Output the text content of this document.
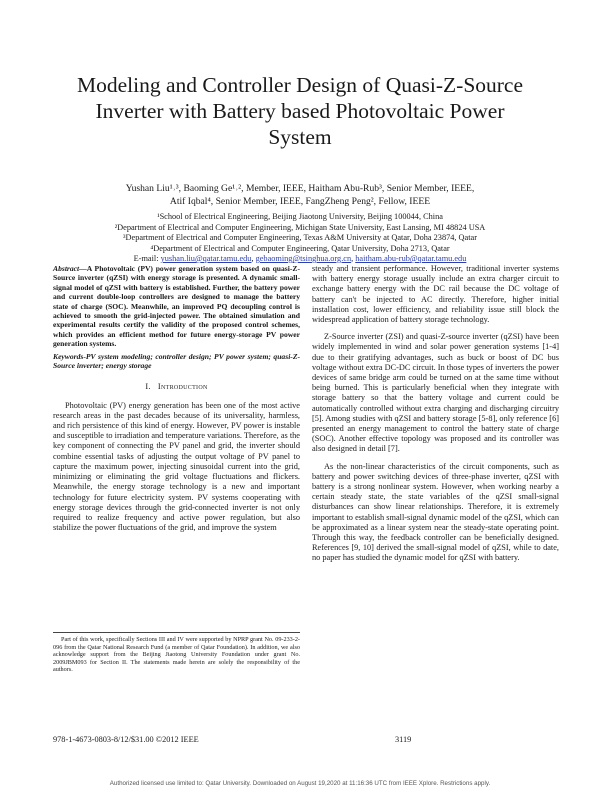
Modeling and Controller Design of Quasi-Z-Source
Inverter with Battery based Photovoltaic Power
System
Yushan Liu¹˒³, Baoming Ge¹˒², Member, IEEE, Haitham Abu-Rub³, Senior Member, IEEE,
Atif Iqbal⁴, Senior Member, IEEE, FangZheng Peng², Fellow, IEEE
¹School of Electrical Engineering, Beijing Jiaotong University, Beijing 100044, China
²Department of Electrical and Computer Engineering, Michigan State University, East Lansing, MI 48824 USA
³Department of Electrical and Computer Engineering, Texas A&M University at Qatar, Doha 23874, Qatar
⁴Department of Electrical and Computer Engineering, Qatar University, Doha 2713, Qatar
E-mail: yushan.liu@qatar.tamu.edu, gebaoming@tsinghua.org.cn, haitham.abu-rub@qatar.tamu.edu
Abstract—A Photovoltaic (PV) power generation system based on quasi-Z-Source inverter (qZSI) with energy storage is presented. A dynamic small-signal model of qZSI with battery is established. Further, the battery power and current double-loop controllers are designed to manage the battery state of charge (SOC). Meanwhile, an improved PQ decoupling control is achieved to smooth the grid-injected power. The obtained simulation and experimental results certify the validity of the proposed control schemes, which provides an efficient method for future energy-storage PV power generation systems.
Keywords-PV system modeling; controller design; PV power system; quasi-Z-Source inverter; energy storage
I. Introduction

Photovoltaic (PV) energy generation has been one of the most active research areas in the past decades because of its universality, harmless, and rich persistence of this kind of energy. However, PV power is instable and susceptible to irradiation and temperature variations. Therefore, as the key component of connecting the PV panel and grid, the inverter should combine essential tasks of adjusting the output voltage of PV panel to capture the maximum power, injecting sinusoidal current into the grid, minimizing or eliminating the grid voltage fluctuations and flickers. Meanwhile, the energy storage technology is a new and important technology for future electricity system. PV systems cooperating with energy storage devices through the grid-connected inverter is not only required to realize frequency and active power regulation, but also stabilize the power fluctuations of the grid, and improve the system

steady and transient performance. However, traditional inverter systems with battery energy storage usually include an extra charger circuit to exchange battery energy with the DC rail because the DC voltage of battery can't be injected to AC directly. Therefore, higher initial installation cost, lower efficiency, and reliability issue still block the widespread application of battery storage technology.

Z-Source inverter (ZSI) and quasi-Z-source inverter (qZSI) have been widely implemented in wind and solar power generation systems [1-4] due to their gratifying advantages, such as buck or boost of DC bus voltage without extra DC-DC circuit. In those types of inverters the power devices of same bridge arm could be turned on at the same time without being burned. This is particularly beneficial when they integrate with storage battery so that the battery voltage and current could be automatically controlled without extra charging and discharging circuitry [5]. Among studies with qZSI and battery storage [5-8], only reference [6] presented an energy management to control the battery state of charge (SOC). Another effective topology was proposed and its controller was also designed in detail [7].

As the non-linear characteristics of the circuit components, such as battery and power switching devices of three-phase inverter, qZSI with battery is a strong nonlinear system. However, when working nearby a certain steady state, the state variables of the qZSI small-signal disturbances can show linear relationships. Therefore, it is extremely important to establish small-signal dynamic model of the qZSI, which can be approximated as a linear system near the steady-state operating point. Through this way, the feedback controller can be beneficially designed. References [9, 10] derived the small-signal model of qZSI, while to date, no paper has studied the dynamic model for qZSI with battery.

Part of this work, specifically Sections III and IV were supported by NPRP grant No. 09-233-2-096 from the Qatar National Research Fund (a member of Qatar Foundation). In addition, we also acknowledge support from the Beijing Jiaotong University Foundation under grant No. 2009JBM093 for Section II. The statements made herein are solely the responsibility of the authors.

978-1-4673-0803-8/12/$31.00 ©2012 IEEE	3119
Authorized licensed use limited to: Qatar University. Downloaded on August 19,2020 at 11:16:36 UTC from IEEE Xplore. Restrictions apply.
